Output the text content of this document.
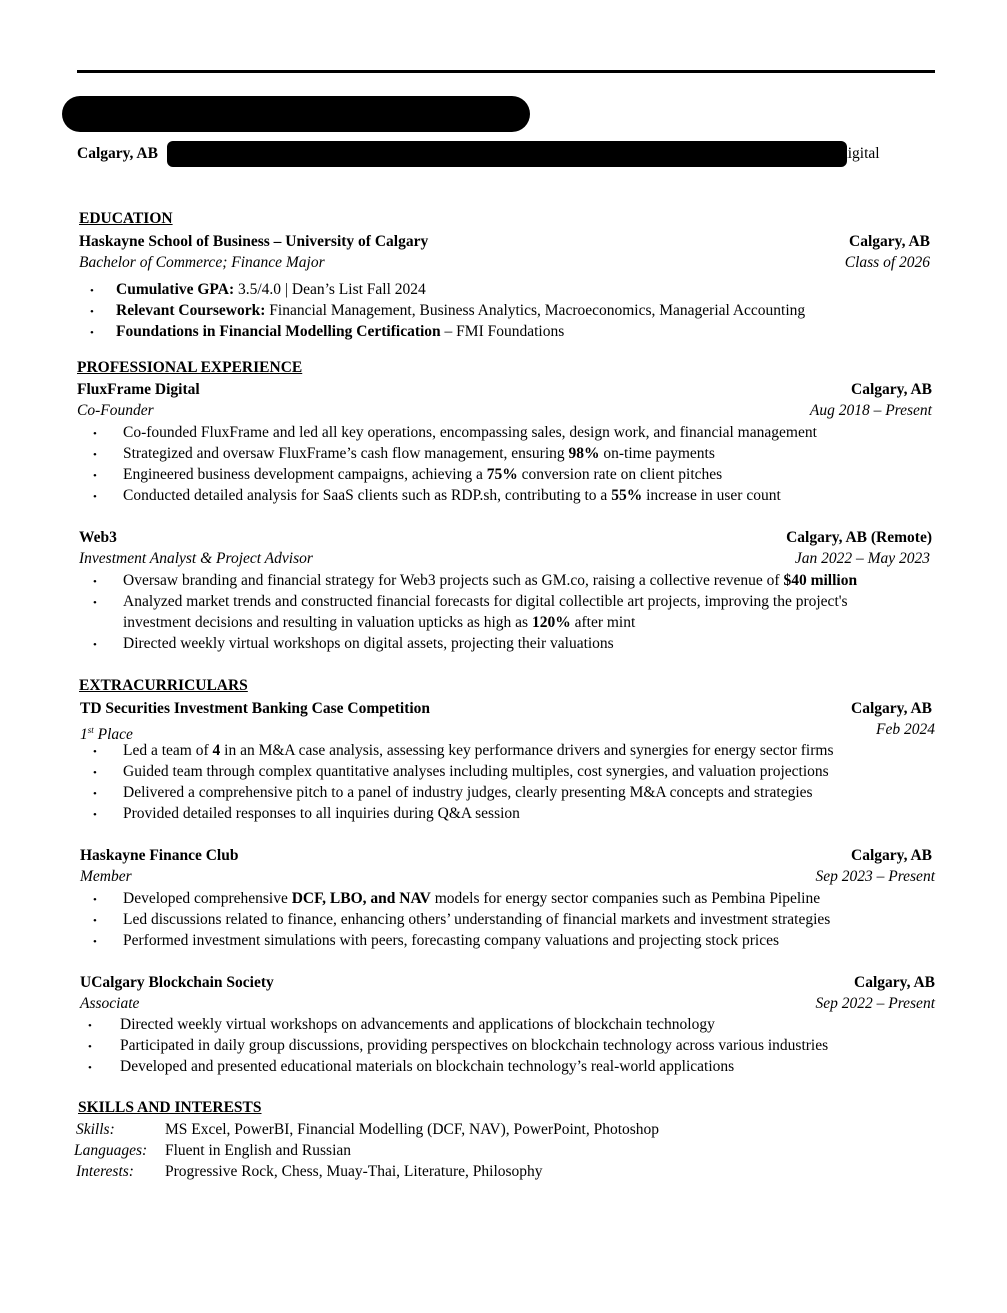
Calgary, AB	| fluxframe.digital
EDUCATION
Haskayne School of Business – University of Calgary	Calgary, AB
Bachelor of Commerce; Finance Major	Class of 2026
• Cumulative GPA: 3.5/4.0 | Dean’s List Fall 2024
• Relevant Coursework: Financial Management, Business Analytics, Macroeconomics, Managerial Accounting
• Foundations in Financial Modelling Certification – FMI Foundations
PROFESSIONAL EXPERIENCE
FluxFrame Digital	Calgary, AB
Co-Founder	Aug 2018 – Present
• Co-founded FluxFrame and led all key operations, encompassing sales, design work, and financial management
• Strategized and oversaw FluxFrame’s cash flow management, ensuring 98% on-time payments
• Engineered business development campaigns, achieving a 75% conversion rate on client pitches
• Conducted detailed analysis for SaaS clients such as RDP.sh, contributing to a 55% increase in user count
Web3	Calgary, AB (Remote)
Investment Analyst & Project Advisor	Jan 2022 – May 2023
• Oversaw branding and financial strategy for Web3 projects such as GM.co, raising a collective revenue of $40 million
• Analyzed market trends and constructed financial forecasts for digital collectible art projects, improving the project's
investment decisions and resulting in valuation upticks as high as 120% after mint
• Directed weekly virtual workshops on digital assets, projecting their valuations
EXTRACURRICULARS
TD Securities Investment Banking Case Competition	Calgary, AB
1st Place	Feb 2024
• Led a team of 4 in an M&A case analysis, assessing key performance drivers and synergies for energy sector firms
• Guided team through complex quantitative analyses including multiples, cost synergies, and valuation projections
• Delivered a comprehensive pitch to a panel of industry judges, clearly presenting M&A concepts and strategies
• Provided detailed responses to all inquiries during Q&A session
Haskayne Finance Club	Calgary, AB
Member	Sep 2023 – Present
• Developed comprehensive DCF, LBO, and NAV models for energy sector companies such as Pembina Pipeline
• Led discussions related to finance, enhancing others’ understanding of financial markets and investment strategies
• Performed investment simulations with peers, forecasting company valuations and projecting stock prices
UCalgary Blockchain Society	Calgary, AB
Associate	Sep 2022 – Present
• Directed weekly virtual workshops on advancements and applications of blockchain technology
• Participated in daily group discussions, providing perspectives on blockchain technology across various industries
• Developed and presented educational materials on blockchain technology’s real-world applications
SKILLS AND INTERESTS
Skills:	MS Excel, PowerBI, Financial Modelling (DCF, NAV), PowerPoint, Photoshop
Languages: Fluent in English and Russian
Interests: Progressive Rock, Chess, Muay-Thai, Literature, Philosophy
